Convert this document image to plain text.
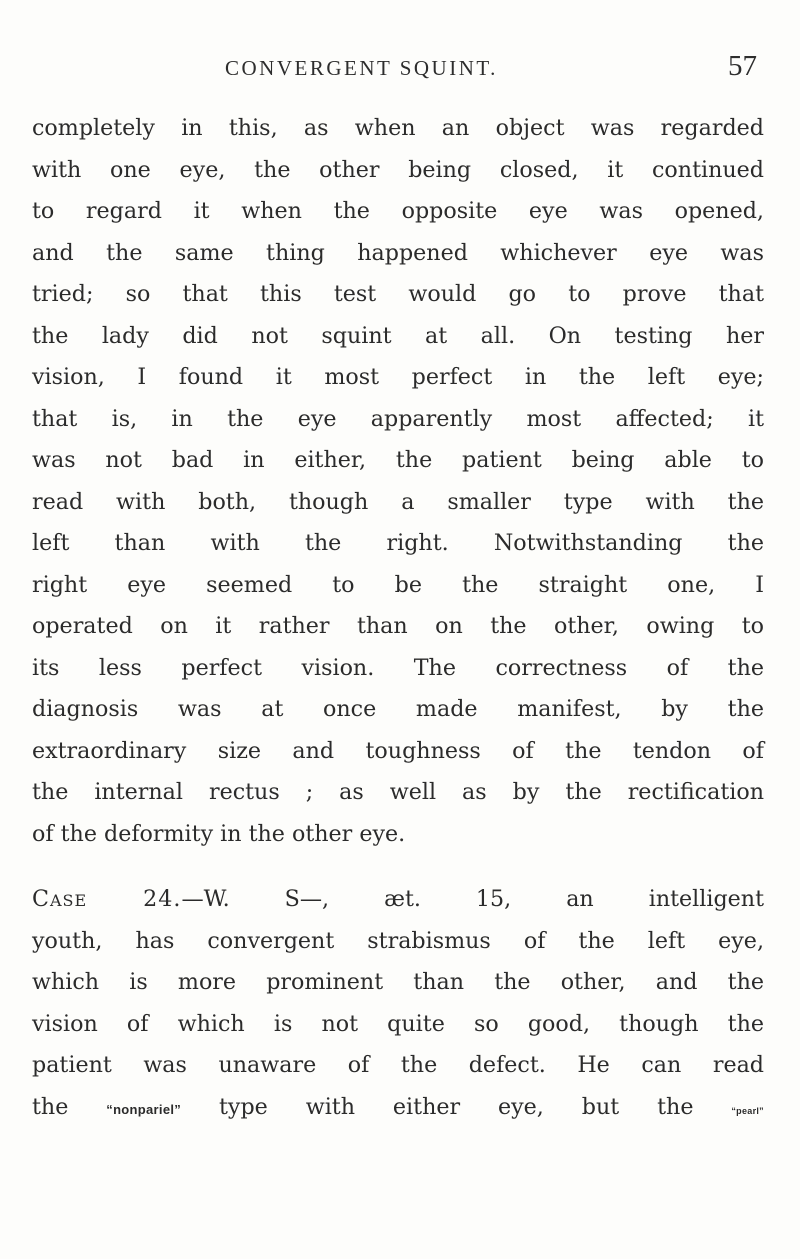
CONVERGENT SQUINT.	57
completely in this, as when an object was regarded
with one eye, the other being closed, it continued
to regard it when the opposite eye was opened,
and the same thing happened whichever eye was
tried; so that this test would go to prove that
the lady did not squint at all. On testing her
vision, I found it most perfect in the left eye;
that is, in the eye apparently most affected; it
was not bad in either, the patient being able to
read with both, though a smaller type with the
left than with the right. Notwithstanding the
right eye seemed to be the straight one, I
operated on it rather than on the other, owing to
its less perfect vision. The correctness of the
diagnosis was at once made manifest, by the
extraordinary size and toughness of the tendon of
the internal rectus ; as well as by the rectification
of the deformity in the other eye.
Case 24.—W. S—, æt. 15, an intelligent
youth, has convergent strabismus of the left eye,
which is more prominent than the other, and the
vision of which is not quite so good, though the
patient was unaware of the defect. He can read
the “nonpariel” type with either eye, but the “pearl”
